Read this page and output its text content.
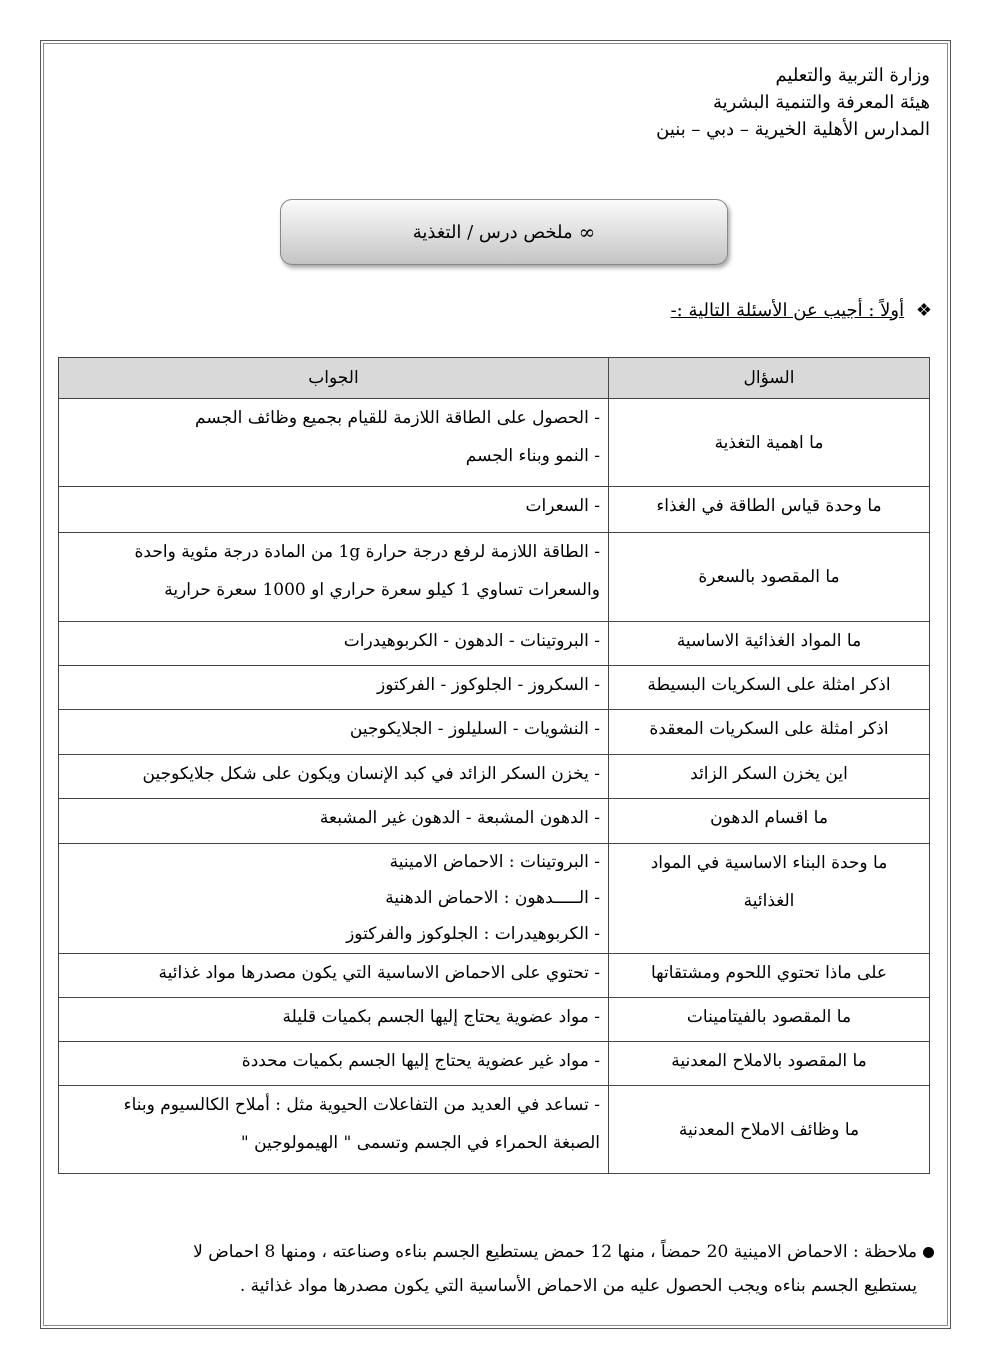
وزارة التربية والتعليم
هيئة المعرفة والتنمية البشرية
المدارس الأهلية الخيرية – دبي – بنين
∞
ملخص درس / التغذية
❖ أولاً : أجيب عن الأسئلة التالية :-
السؤال	الجواب

ما اهمية التغذية	- الحصول على الطاقة اللازمة للقيام بجميع وظائف الجسم
- النمو وبناء الجسم

ما وحدة قياس الطاقة في الغذاء	- السعرات

ما المقصود بالسعرة	- الطاقة اللازمة لرفع درجة حرارة 1g من المادة درجة مئوية واحدة
والسعرات تساوي 1 كيلو سعرة حراري او 1000 سعرة حرارية

ما المواد الغذائية الاساسية	- البروتينات - الدهون - الكربوهيدرات

اذكر امثلة على السكريات البسيطة	- السكروز - الجلوكوز - الفركتوز

اذكر امثلة على السكريات المعقدة	- النشويات - السليلوز - الجلايكوجين

اين يخزن السكر الزائد	- يخزن السكر الزائد في كبد الإنسان ويكون على شكل جلايكوجين

ما اقسام الدهون	- الدهون المشبعة - الدهون غير المشبعة

ما وحدة البناء الاساسية في المواد الغذائية	- البروتينات : الاحماض الامينية
- الـــــدهون : الاحماض الدهنية
- الكربوهيدرات : الجلوكوز والفركتوز

على ماذا تحتوي اللحوم ومشتقاتها	- تحتوي على الاحماض الاساسية التي يكون مصدرها مواد غذائية

ما المقصود بالفيتامينات	- مواد عضوية يحتاج إليها الجسم بكميات قليلة

ما المقصود بالاملاح المعدنية	- مواد غير عضوية يحتاج إليها الجسم بكميات محددة

ما وظائف الاملاح المعدنية	- تساعد في العديد من التفاعلات الحيوية مثل : أملاح الكالسيوم وبناء
الصبغة الحمراء في الجسم وتسمى " الهيمولوجين "
ملاحظة : الاحماض الامينية 20 حمضاً ، منها 12 حمض يستطيع الجسم بناءه وصناعته ، ومنها 8 احماض لا
يستطيع الجسم بناءه ويجب الحصول عليه من الاحماض الأساسية التي يكون مصدرها مواد غذائية .
